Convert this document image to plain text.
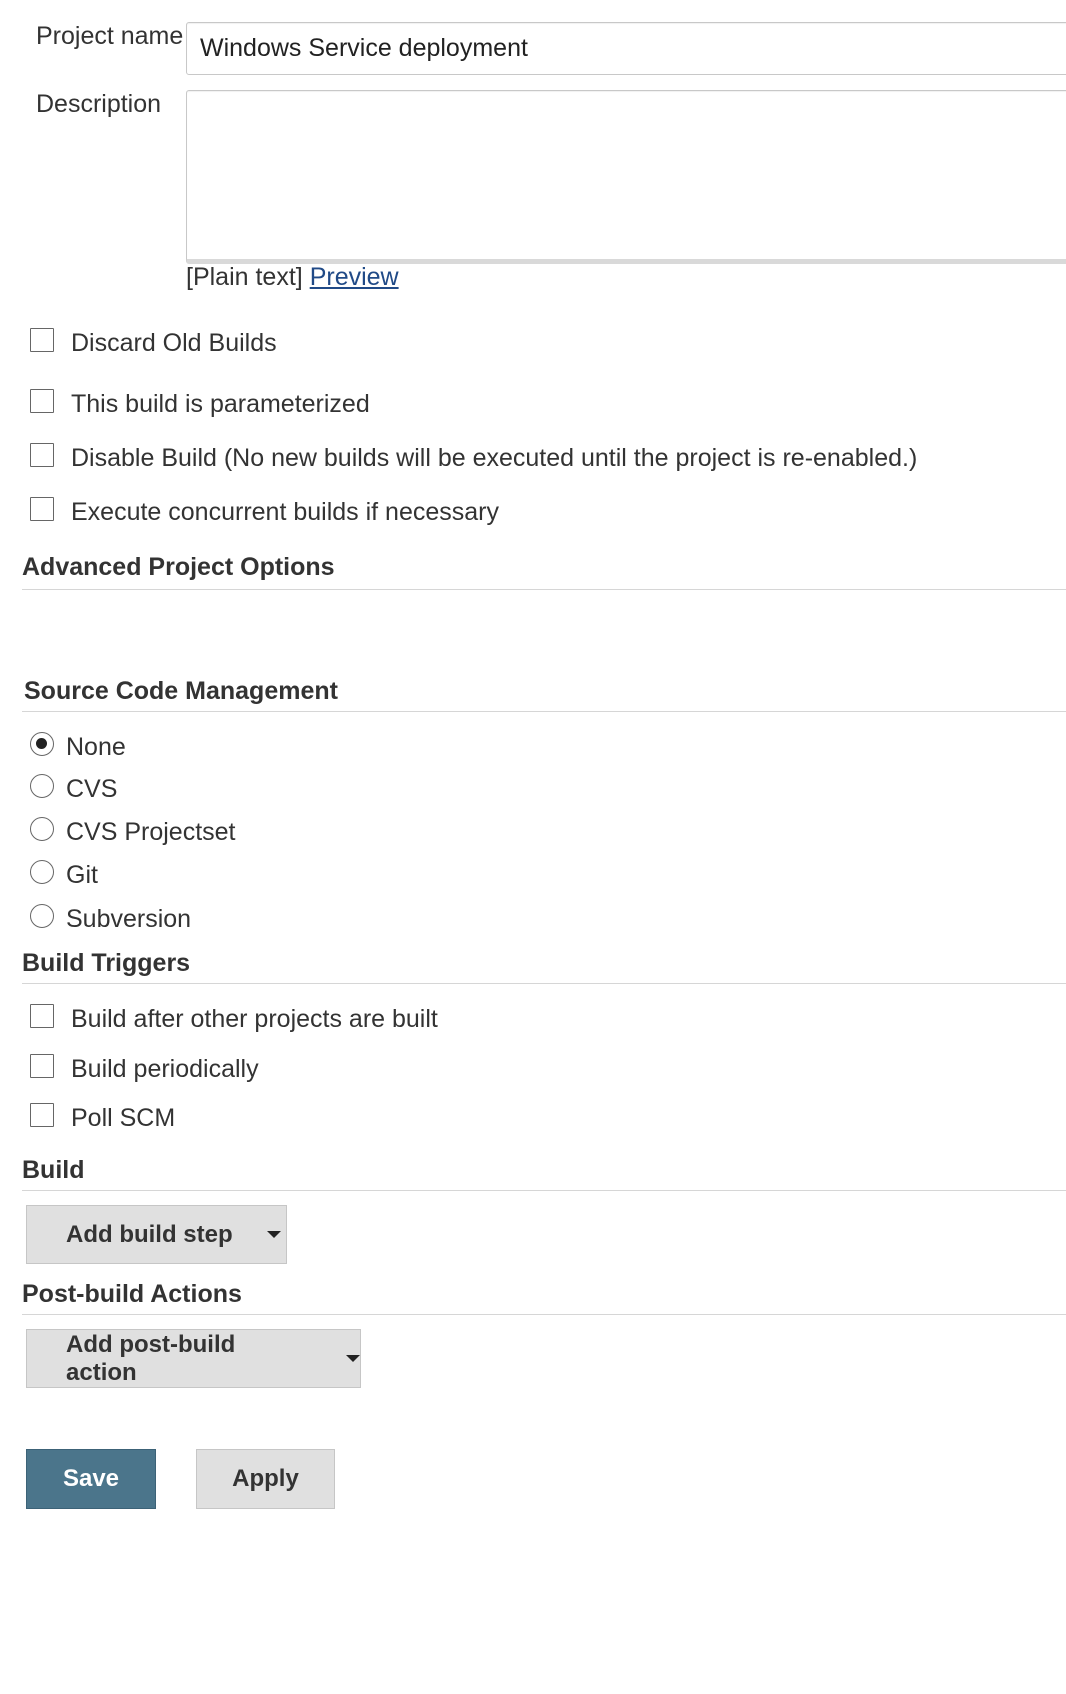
Project name
Windows Service deployment
Description
[Plain text] Preview
Discard Old Builds
This build is parameterized
Disable Build (No new builds will be executed until the project is re-enabled.)
Execute concurrent builds if necessary
Advanced Project Options
Source Code Management
None
CVS
CVS Projectset
Git
Subversion
Build Triggers
Build after other projects are built
Build periodically
Poll SCM
Build
Add build step
Post-build Actions
Add post-build action
Save	Apply
